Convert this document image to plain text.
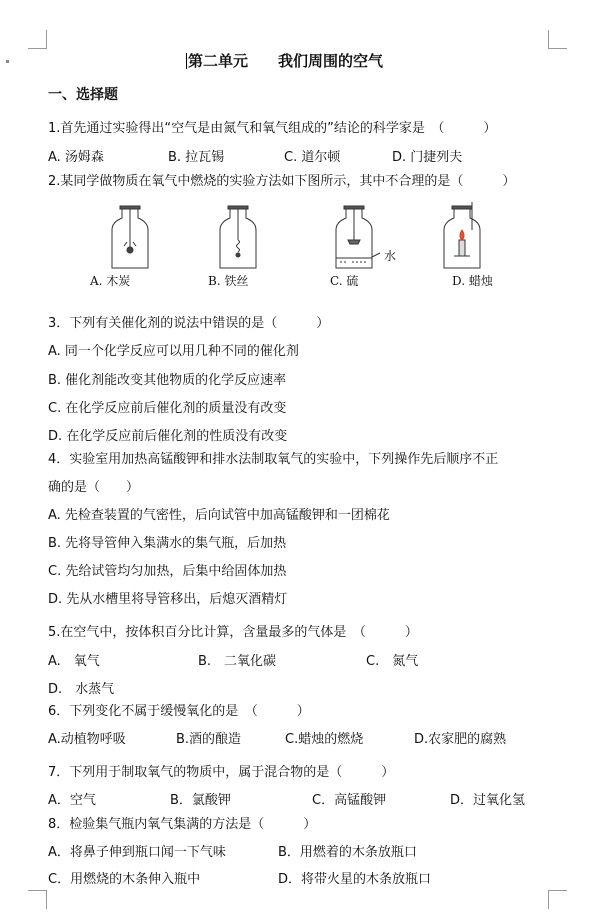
第二单元　　我们周围的空气
一、选择题
1.首先通过实验得出“空气是由氮气和氧气组成的”结论的科学家是　（　　　）
A. 汤姆森	B. 拉瓦锡	C. 道尔顿	D. 门捷列夫
2.某同学做物质在氧气中燃烧的实验方法如下图所示，其中不合理的是（　　　）
A. 木炭	B. 铁丝	C. 硫	D. 蜡烛
水
3．下列有关催化剂的说法中错误的是（　　　）
A. 同一个化学反应可以用几种不同的催化剂
B. 催化剂能改变其他物质的化学反应速率
C. 在化学反应前后催化剂的质量没有改变
D. 在化学反应前后催化剂的性质没有改变
4．实验室用加热高锰酸钾和排水法制取氧气的实验中，下列操作先后顺序不正
确的是（　　）
A. 先检查装置的气密性，后向试管中加高锰酸钾和一团棉花
B. 先将导管伸入集满水的集气瓶，后加热
C. 先给试管均匀加热，后集中给固体加热
D. 先从水槽里将导管移出，后熄灭酒精灯
5.在空气中，按体积百分比计算，含量最多的气体是　（　　　）
A.　氧气	B.　二氧化碳	C.　氮气
D.　水蒸气
6．下列变化不属于缓慢氧化的是　（　　　）
A.动植物呼吸	B.酒的酿造	C.蜡烛的燃烧	D.农家肥的腐熟
7．下列用于制取氧气的物质中，属于混合物的是（　　　）
A．空气	B．氯酸钾	C．高锰酸钾	D．过氧化氢
8．检验集气瓶内氧气集满的方法是（　　　）
A．将鼻子伸到瓶口闻一下气味	B．用燃着的木条放瓶口
C．用燃烧的木条伸入瓶中	D．将带火星的木条放瓶口
